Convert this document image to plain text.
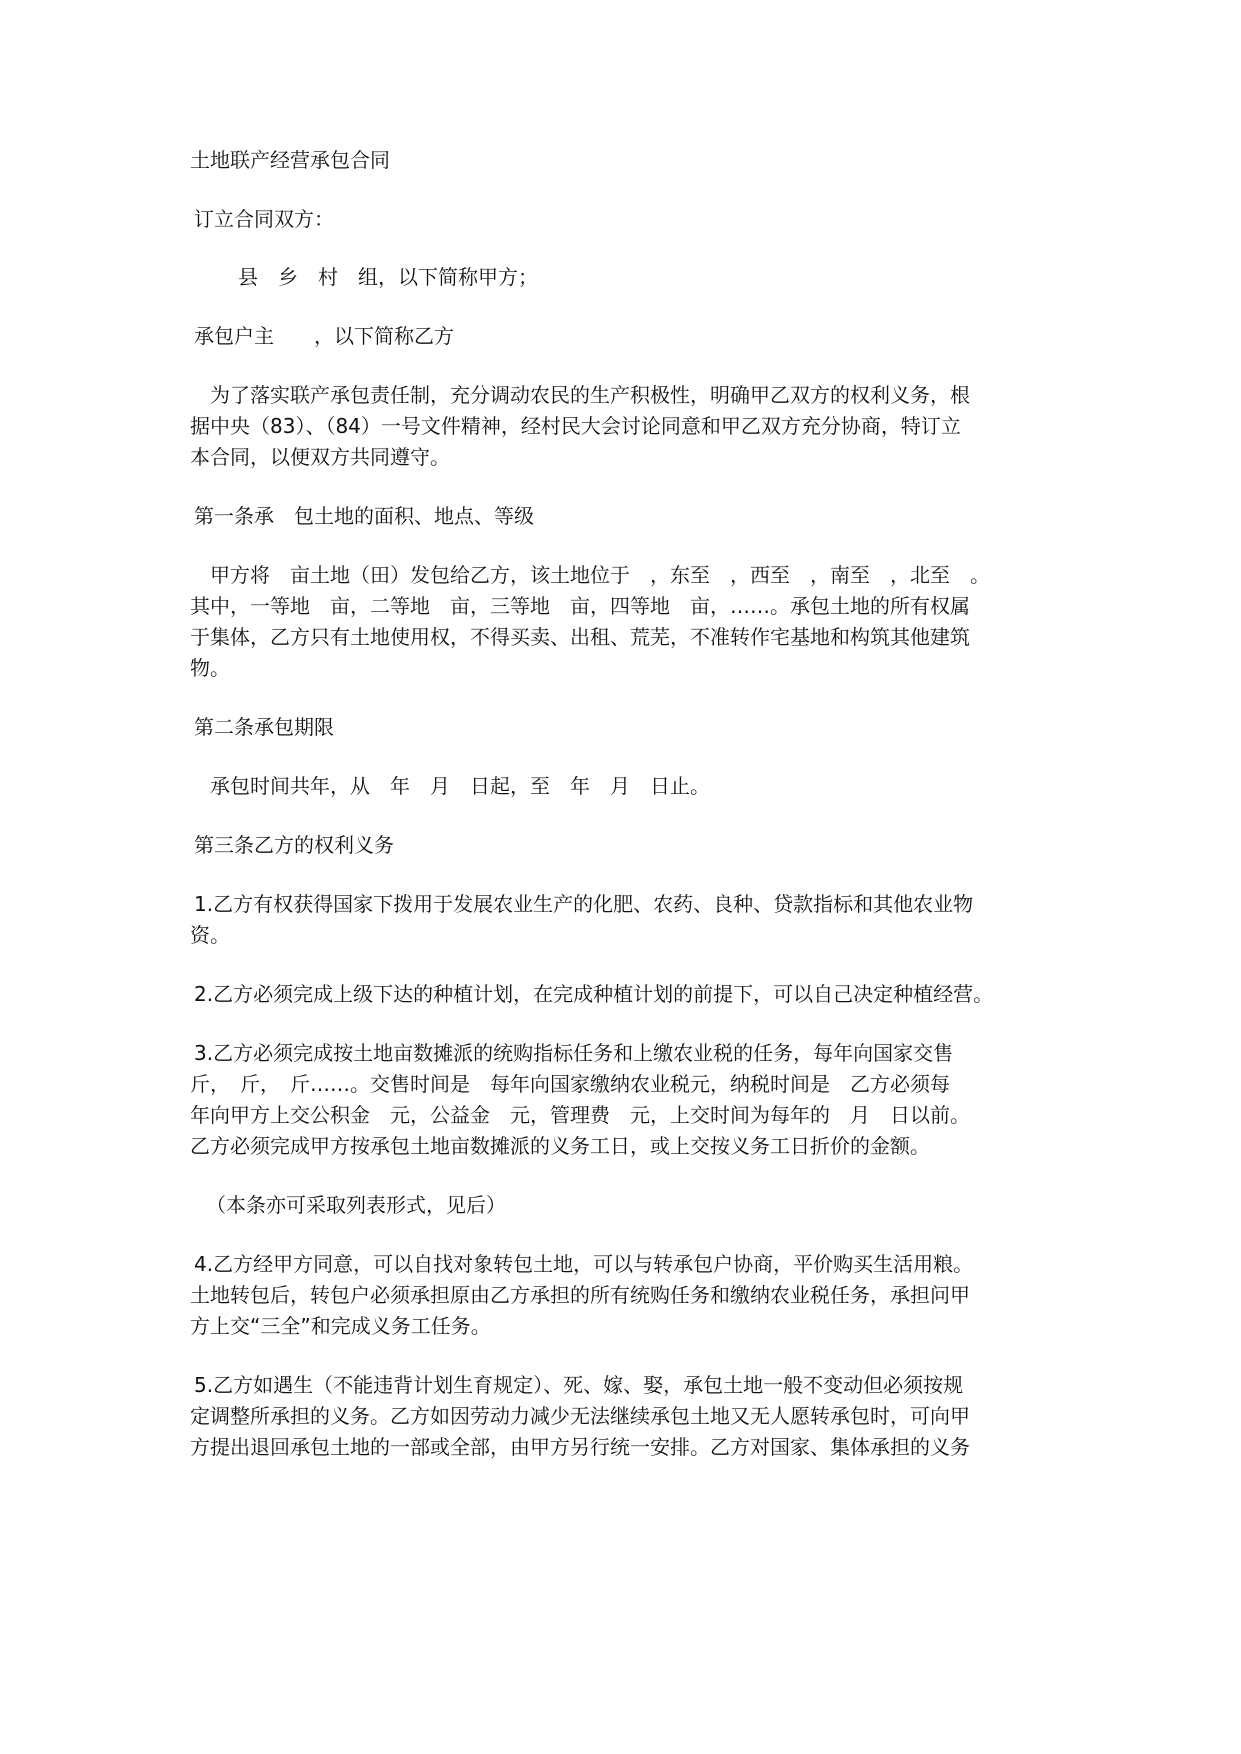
土地联产经营承包合同

订立合同双方：

县　乡　村　组，以下简称甲方；

承包户主　　，以下简称乙方

　为了落实联产承包责任制，充分调动农民的生产积极性，明确甲乙双方的权利义务，根

据中央（83）、（84）一号文件精神，经村民大会讨论同意和甲乙双方充分协商，特订立

本合同，以便双方共同遵守。

第一条承　包土地的面积、地点、等级

　甲方将　亩土地（田）发包给乙方，该土地位于　，东至　，西至　，南至　，北至　。

其中，一等地　亩，二等地　亩，三等地　亩，四等地　亩，……。承包土地的所有权属

于集体，乙方只有土地使用权，不得买卖、出租、荒芜，不准转作宅基地和构筑其他建筑

物。

第二条承包期限

　承包时间共年，从　年　月　日起，至　年　月　日止。

第三条乙方的权利义务

1.乙方有权获得国家下拨用于发展农业生产的化肥、农药、良种、贷款指标和其他农业物

资。

2.乙方必须完成上级下达的种植计划，在完成种植计划的前提下，可以自己决定种植经营。

3.乙方必须完成按土地亩数摊派的统购指标任务和上缴农业税的任务，每年向国家交售

斤，　斤，　斤……。交售时间是　每年向国家缴纳农业税元，纳税时间是　乙方必须每

年向甲方上交公积金　元，公益金　元，管理费　元，上交时间为每年的　月　日以前。

乙方必须完成甲方按承包土地亩数摊派的义务工日，或上交按义务工日折价的金额。

　（本条亦可采取列表形式，见后）

4.乙方经甲方同意，可以自找对象转包土地，可以与转承包户协商，平价购买生活用粮。

土地转包后，转包户必须承担原由乙方承担的所有统购任务和缴纳农业税任务，承担问甲

方上交“三全”和完成义务工任务。

5.乙方如遇生（不能违背计划生育规定）、死、嫁、娶，承包土地一般不变动但必须按规

定调整所承担的义务。乙方如因劳动力减少无法继续承包土地又无人愿转承包时，可向甲

方提出退回承包土地的一部或全部，由甲方另行统一安排。乙方对国家、集体承担的义务
